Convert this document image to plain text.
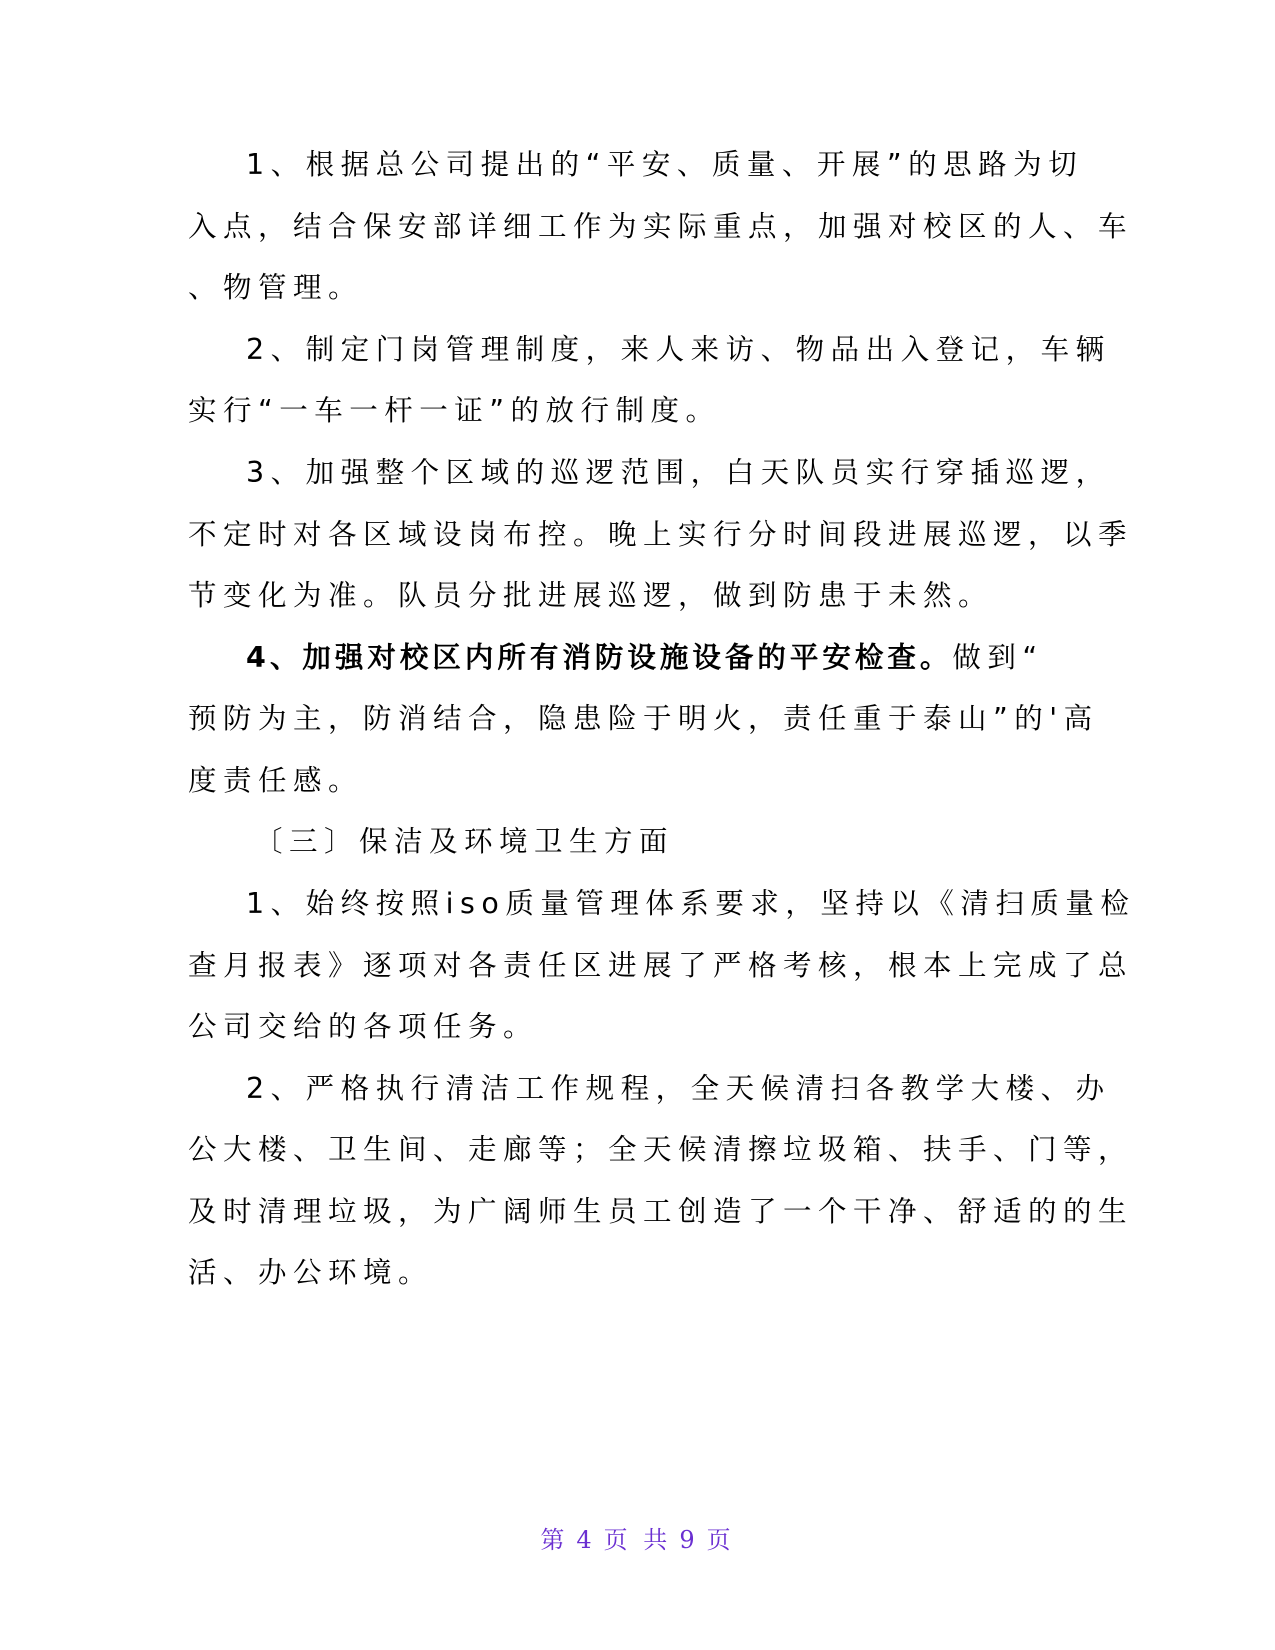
1、根据总公司提出的“平安、质量、开展”的思路为切
入点，结合保安部详细工作为实际重点，加强对校区的人、车
、物管理。
2、制定门岗管理制度，来人来访、物品出入登记，车辆
实行“一车一杆一证”的放行制度。
3、加强整个区域的巡逻范围，白天队员实行穿插巡逻，
不定时对各区域设岗布控。晚上实行分时间段进展巡逻，以季
节变化为准。队员分批进展巡逻，做到防患于未然。
4、加强对校区内所有消防设施设备的平安检查。做到“
预防为主，防消结合，隐患险于明火，责任重于泰山”的'高
度责任感。
〔三〕保洁及环境卫生方面
1、始终按照iso质量管理体系要求，坚持以《清扫质量检
查月报表》逐项对各责任区进展了严格考核，根本上完成了总
公司交给的各项任务。
2、严格执行清洁工作规程，全天候清扫各教学大楼、办
公大楼、卫生间、走廊等；全天候清擦垃圾箱、扶手、门等，
及时清理垃圾，为广阔师生员工创造了一个干净、舒适的的生
活、办公环境。
第 4 页 共 9 页
